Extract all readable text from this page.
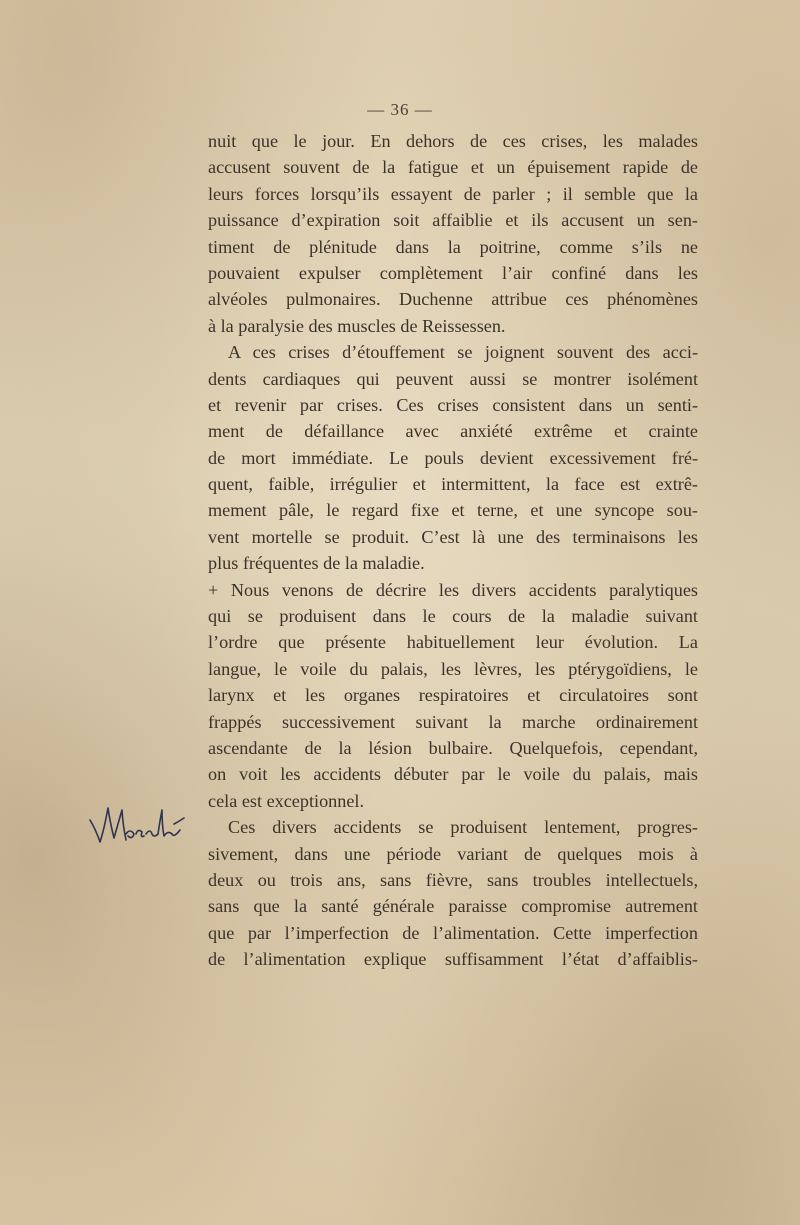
— 36 —
nuit que le jour. En dehors de ces crises, les malades
accusent souvent de la fatigue et un épuisement rapide de
leurs forces lorsqu’ils essayent de parler ; il semble que la
puissance d’expiration soit affaiblie et ils accusent un sen-
timent de plénitude dans la poitrine, comme s’ils ne
pouvaient expulser complètement l’air confiné dans les
alvéoles pulmonaires. Duchenne attribue ces phénomènes
à la paralysie des muscles de Reissessen.
A ces crises d’étouffement se joignent souvent des acci-
dents cardiaques qui peuvent aussi se montrer isolément
et revenir par crises. Ces crises consistent dans un senti-
ment de défaillance avec anxiété extrême et crainte
de mort immédiate. Le pouls devient excessivement fré-
quent, faible, irrégulier et intermittent, la face est extrê-
mement pâle, le regard fixe et terne, et une syncope sou-
vent mortelle se produit. C’est là une des terminaisons les
plus fréquentes de la maladie.
+ Nous venons de décrire les divers accidents paralytiques
qui se produisent dans le cours de la maladie suivant
l’ordre que présente habituellement leur évolution. La
langue, le voile du palais, les lèvres, les ptérygoïdiens, le
larynx et les organes respiratoires et circulatoires sont
frappés successivement suivant la marche ordinairement
ascendante de la lésion bulbaire. Quelquefois, cependant,
on voit les accidents débuter par le voile du palais, mais
cela est exceptionnel.
Ces divers accidents se produisent lentement, progres-
sivement, dans une période variant de quelques mois à
deux ou trois ans, sans fièvre, sans troubles intellectuels,
sans que la santé générale paraisse compromise autrement
que par l’imperfection de l’alimentation. Cette imperfection
de l’alimentation explique suffisamment l’état d’affaiblis-
